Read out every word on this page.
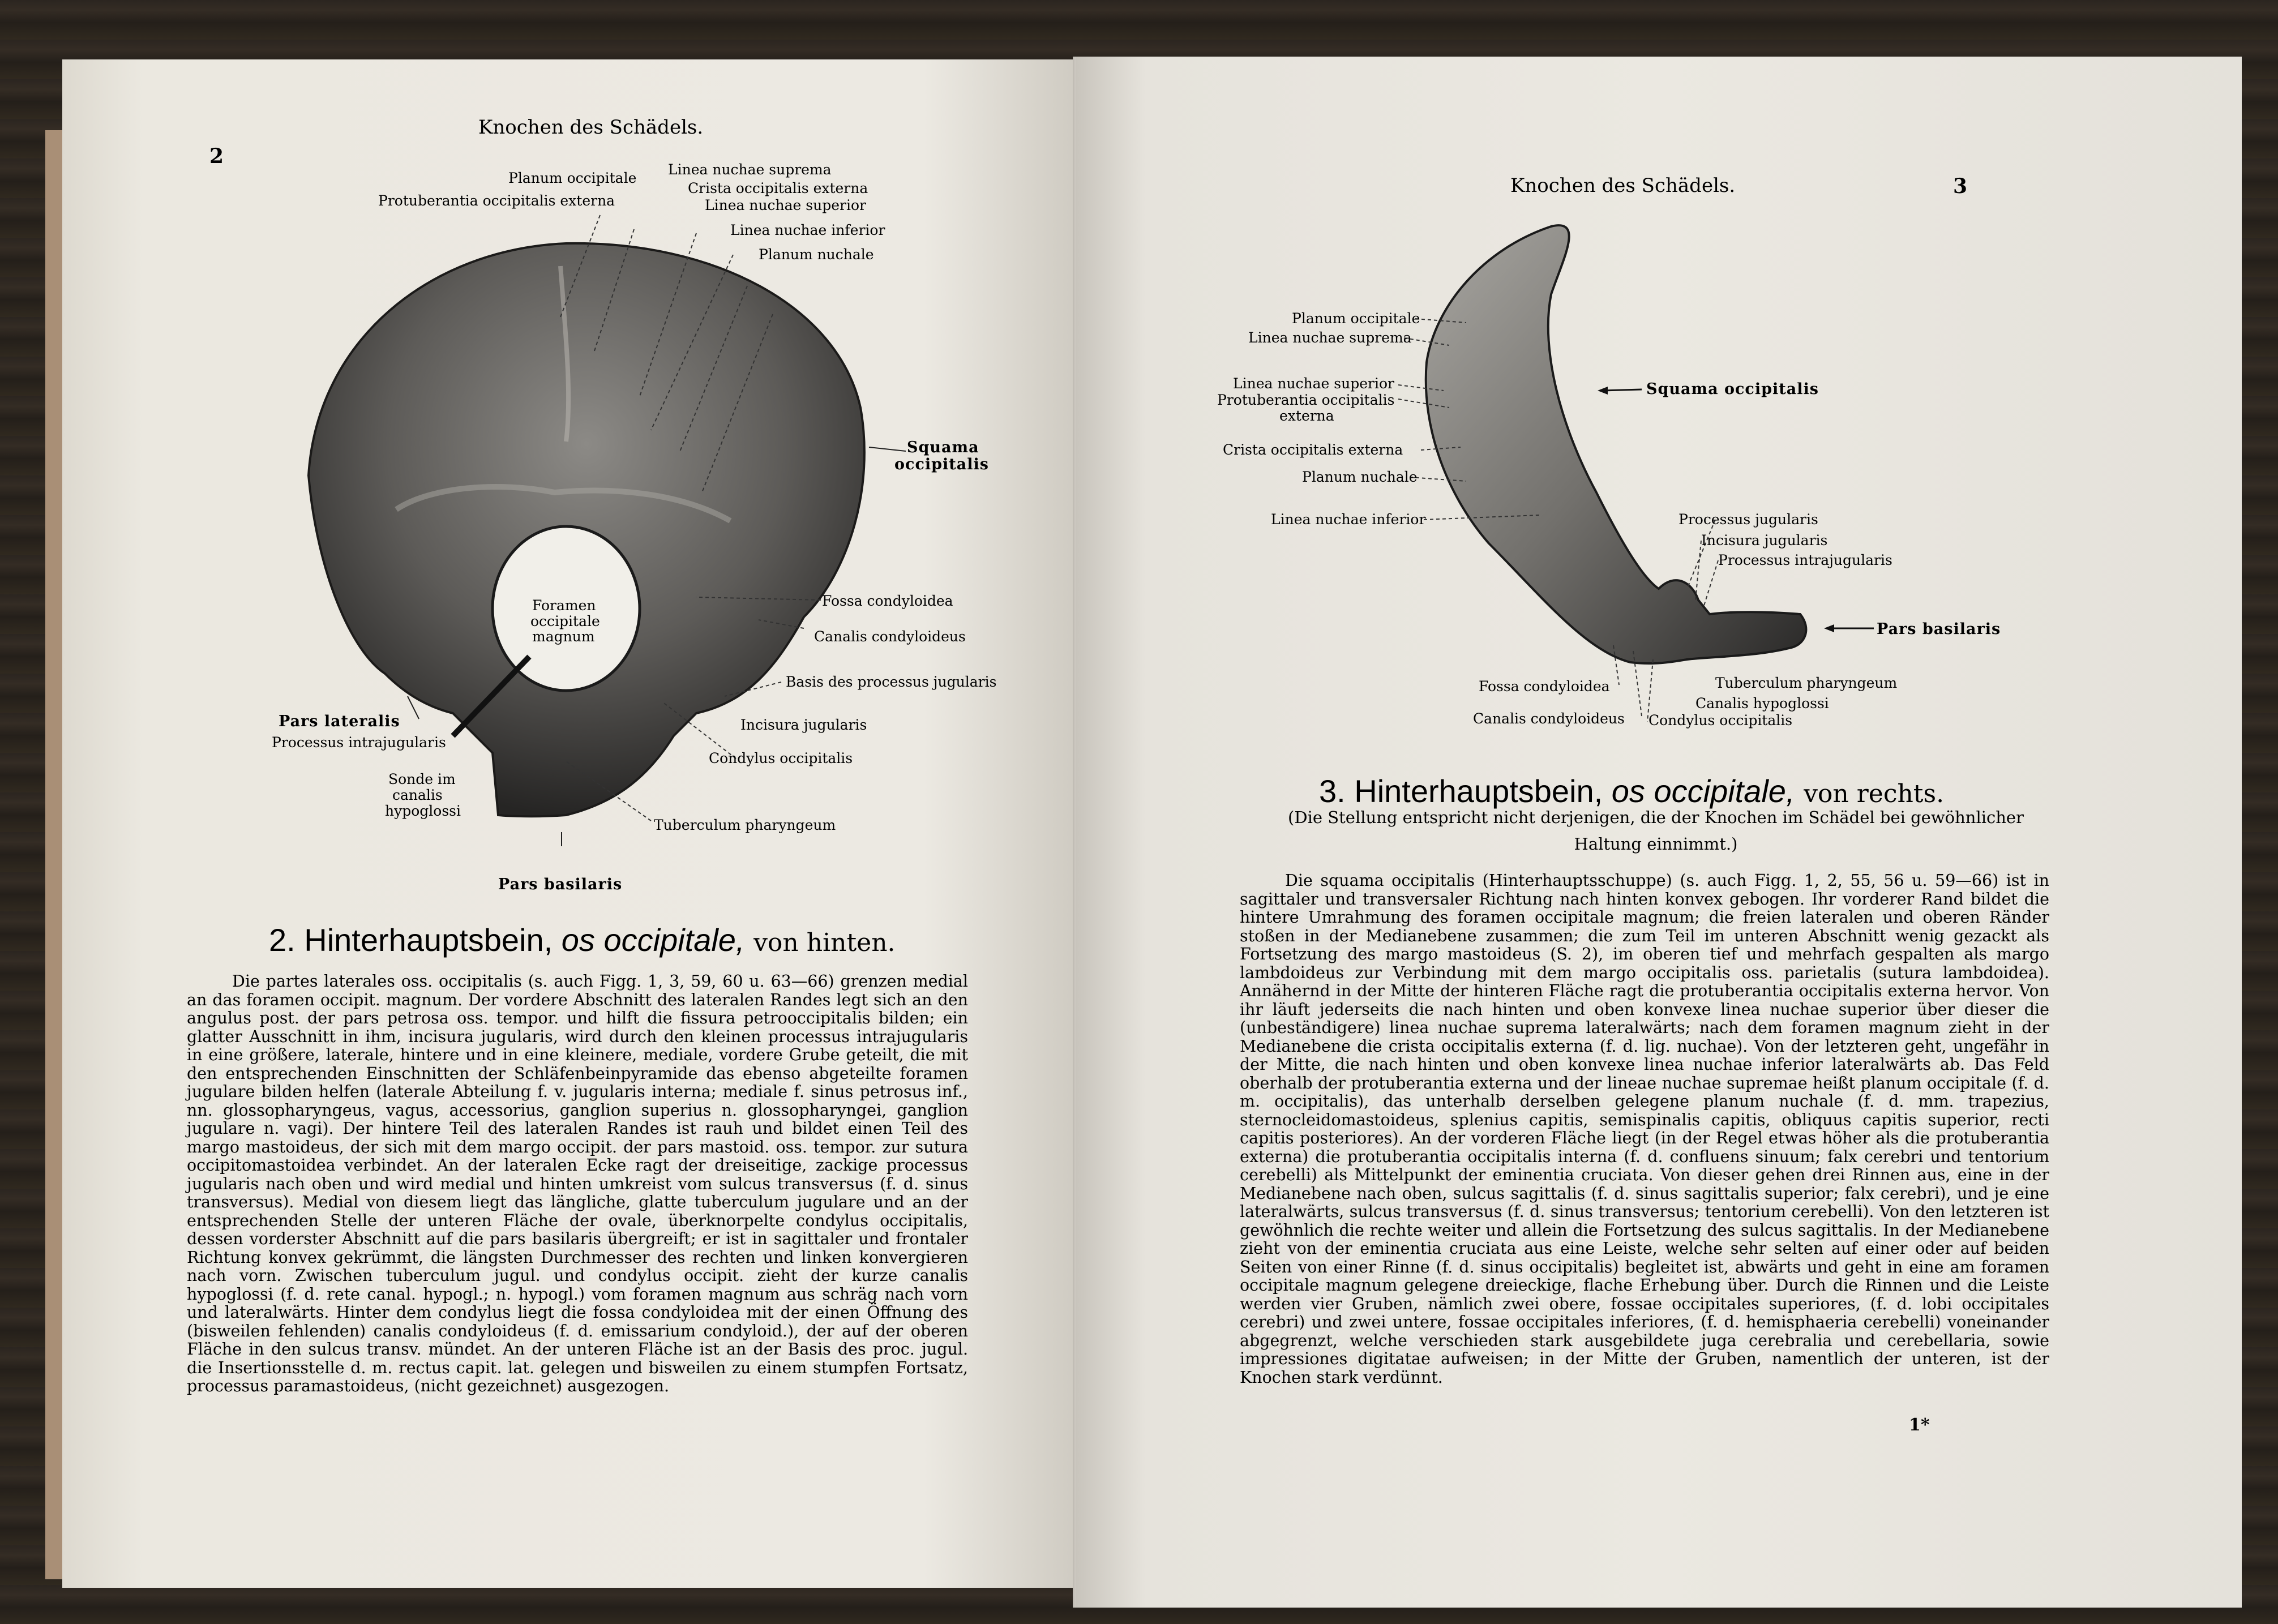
Knochen des Schädels.
2
Planum occipitale
Protuberantia occipitalis externa
Linea nuchae suprema
Crista occipitalis externa
Linea nuchae superior
Linea nuchae inferior
Planum nuchale
Squama
occipitalis
Foramen
occipitale
magnum
Fossa condyloidea
Canalis condyloideus
Basis des processus jugularis
Incisura jugularis
Condylus occipitalis
Pars lateralis
Processus intrajugularis
Sonde im
canalis
hypoglossi
Tuberculum pharyngeum
Pars basilaris
2. Hinterhauptsbein, os occipitale, von hinten.

Die partes laterales oss. occipitalis (s. auch Figg. 1, 3, 59, 60 u. 63—66) grenzen medial an das foramen occipit. magnum. Der vordere Abschnitt des lateralen Randes legt sich an den angulus post. der pars petrosa oss. tempor. und hilft die fissura petrooccipitalis bilden; ein glatter Ausschnitt in ihm, incisura jugularis, wird durch den kleinen processus intrajugularis in eine größere, laterale, hintere und in eine kleinere, mediale, vordere Grube geteilt, die mit den entsprechenden Einschnitten der Schläfenbeinpyramide das ebenso abgeteilte foramen jugulare bilden helfen (laterale Abteilung f. v. jugularis interna; mediale f. sinus petrosus inf., nn. glossopharyngeus, vagus, accessorius, ganglion superius n. glossopharyngei, ganglion jugulare n. vagi). Der hintere Teil des lateralen Randes ist rauh und bildet einen Teil des margo mastoideus, der sich mit dem margo occipit. der pars mastoid. oss. tempor. zur sutura occipitomastoidea verbindet. An der lateralen Ecke ragt der dreiseitige, zackige processus jugularis nach oben und wird medial und hinten umkreist vom sulcus transversus (f. d. sinus transversus). Medial von diesem liegt das längliche, glatte tuberculum jugulare und an der entsprechenden Stelle der unteren Fläche der ovale, überknorpelte condylus occipitalis, dessen vorderster Abschnitt auf die pars basilaris übergreift; er ist in sagittaler und frontaler Richtung konvex gekrümmt, die längsten Durchmesser des rechten und linken konvergieren nach vorn. Zwischen tuberculum jugul. und condylus occipit. zieht der kurze canalis hypoglossi (f. d. rete canal. hypogl.; n. hypogl.) vom foramen magnum aus schräg nach vorn und lateralwärts. Hinter dem condylus liegt die fossa condyloidea mit der einen Öffnung des (bisweilen fehlenden) canalis condyloideus (f. d. emissarium condyloid.), der auf der oberen Fläche in den sulcus transv. mündet. An der unteren Fläche ist an der Basis des proc. jugul. die Insertionsstelle d. m. rectus capit. lat. gelegen und bisweilen zu einem stumpfen Fortsatz, processus paramastoideus, (nicht gezeichnet) ausgezogen.

Knochen des Schädels.	3
Planum occipitale
Linea nuchae suprema
Linea nuchae superior
Protuberantia occipitalis
externa
Crista occipitalis externa
Planum nuchale
Linea nuchae inferior
Squama occipitalis
Processus jugularis
Incisura jugularis
Processus intrajugularis
Pars basilaris
Fossa condyloidea
Canalis condyloideus
Tuberculum pharyngeum
Canalis hypoglossi
Condylus occipitalis
3. Hinterhauptsbein, os occipitale, von rechts.
(Die Stellung entspricht nicht derjenigen, die der Knochen im Schädel bei gewöhnlicher
Haltung einnimmt.)

Die squama occipitalis (Hinterhauptsschuppe) (s. auch Figg. 1, 2, 55, 56 u. 59—66) ist in sagittaler und transversaler Richtung nach hinten konvex gebogen. Ihr vorderer Rand bildet die hintere Umrahmung des foramen occipitale magnum; die freien lateralen und oberen Ränder stoßen in der Medianebene zusammen; die zum Teil im unteren Abschnitt wenig gezackt als Fortsetzung des margo mastoideus (S. 2), im oberen tief und mehrfach gespalten als margo lambdoideus zur Verbindung mit dem margo occipitalis oss. parietalis (sutura lambdoidea). Annähernd in der Mitte der hinteren Fläche ragt die protuberantia occipitalis externa hervor. Von ihr läuft jederseits die nach hinten und oben konvexe linea nuchae superior über dieser die (unbeständigere) linea nuchae suprema lateralwärts; nach dem foramen magnum zieht in der Medianebene die crista occipitalis externa (f. d. lig. nuchae). Von der letzteren geht, ungefähr in der Mitte, die nach hinten und oben konvexe linea nuchae inferior lateralwärts ab. Das Feld oberhalb der protuberantia externa und der lineae nuchae supremae heißt planum occipitale (f. d. m. occipitalis), das unterhalb derselben gelegene planum nuchale (f. d. mm. trapezius, sternocleidomastoideus, splenius capitis, semispinalis capitis, obliquus capitis superior, recti capitis posteriores). An der vorderen Fläche liegt (in der Regel etwas höher als die protuberantia externa) die protuberantia occipitalis interna (f. d. confluens sinuum; falx cerebri und tentorium cerebelli) als Mittelpunkt der eminentia cruciata. Von dieser gehen drei Rinnen aus, eine in der Medianebene nach oben, sulcus sagittalis (f. d. sinus sagittalis superior; falx cerebri), und je eine lateralwärts, sulcus transversus (f. d. sinus transversus; tentorium cerebelli). Von den letzteren ist gewöhnlich die rechte weiter und allein die Fortsetzung des sulcus sagittalis. In der Medianebene zieht von der eminentia cruciata aus eine Leiste, welche sehr selten auf einer oder auf beiden Seiten von einer Rinne (f. d. sinus occipitalis) begleitet ist, abwärts und geht in eine am foramen occipitale magnum gelegene dreieckige, flache Erhebung über. Durch die Rinnen und die Leiste werden vier Gruben, nämlich zwei obere, fossae occipitales superiores, (f. d. lobi occipitales cerebri) und zwei untere, fossae occipitales inferiores, (f. d. hemisphaeria cerebelli) voneinander abgegrenzt, welche verschieden stark ausgebildete juga cerebralia und cerebellaria, sowie impressiones digitatae aufweisen; in der Mitte der Gruben, namentlich der unteren, ist der Knochen stark verdünnt.

1*
